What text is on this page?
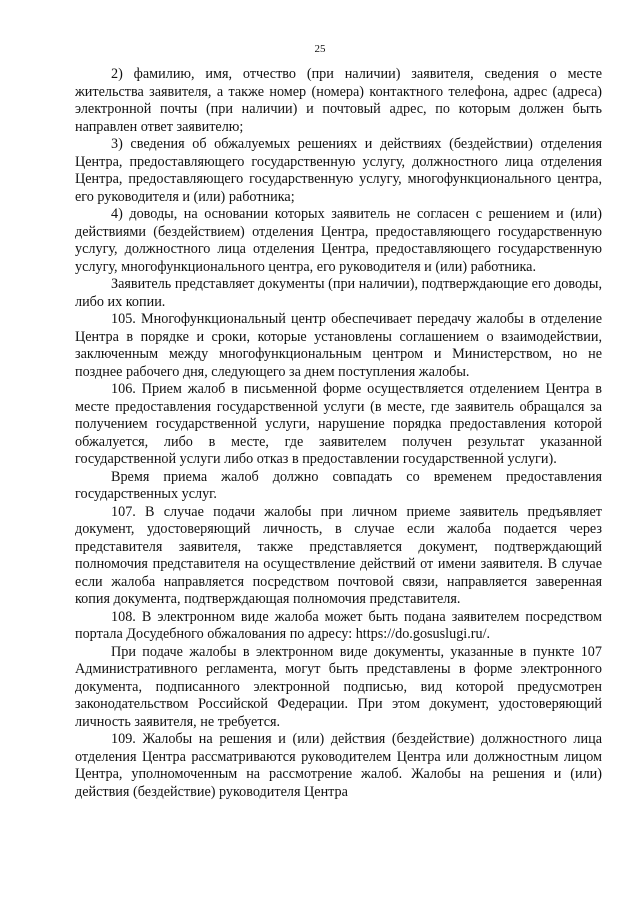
25

2) фамилию, имя, отчество (при наличии) заявителя, сведения о месте жительства заявителя, а также номер (номера) контактного телефона, адрес (адреса) электронной почты (при наличии) и почтовый адрес, по которым должен быть направлен ответ заявителю;

3) сведения об обжалуемых решениях и действиях (бездействии) отделения Центра, предоставляющего государственную услугу, должностного лица отделения Центра, предоставляющего государственную услугу, многофункционального центра, его руководителя и (или) работника;

4) доводы, на основании которых заявитель не согласен с решением и (или) действиями (бездействием) отделения Центра, предоставляющего государственную услугу, должностного лица отделения Центра, предоставляющего государственную услугу, многофункционального центра, его руководителя и (или) работника.

Заявитель представляет документы (при наличии), подтверждающие его доводы, либо их копии.

105. Многофункциональный центр обеспечивает передачу жалобы в отделение Центра в порядке и сроки, которые установлены соглашением о взаимодействии, заключенным между многофункциональным центром и Министерством, но не позднее рабочего дня, следующего за днем поступления жалобы.

106. Прием жалоб в письменной форме осуществляется отделением Центра в месте предоставления государственной услуги (в месте, где заявитель обращался за получением государственной услуги, нарушение порядка предоставления которой обжалуется, либо в месте, где заявителем получен результат указанной государственной услуги либо отказ в предоставлении государственной услуги).

Время приема жалоб должно совпадать со временем предоставления государственных услуг.

107. В случае подачи жалобы при личном приеме заявитель предъявляет документ, удостоверяющий личность, в случае если жалоба подается через представителя заявителя, также представляется документ, подтверждающий полномочия представителя на осуществление действий от имени заявителя. В случае если жалоба направляется посредством почтовой связи, направляется заверенная копия документа, подтверждающая полномочия представителя.

108. В электронном виде жалоба может быть подана заявителем посредством портала Досудебного обжалования по адресу: https://do.gosuslugi.ru/.

При подаче жалобы в электронном виде документы, указанные в пункте 107 Административного регламента, могут быть представлены в форме электронного документа, подписанного электронной подписью, вид которой предусмотрен законодательством Российской Федерации. При этом документ, удостоверяющий личность заявителя, не требуется.

109. Жалобы на решения и (или) действия (бездействие) должностного лица отделения Центра рассматриваются руководителем Центра или должностным лицом Центра, уполномоченным на рассмотрение жалоб. Жалобы на решения и (или) действия (бездействие) руководителя Центра
